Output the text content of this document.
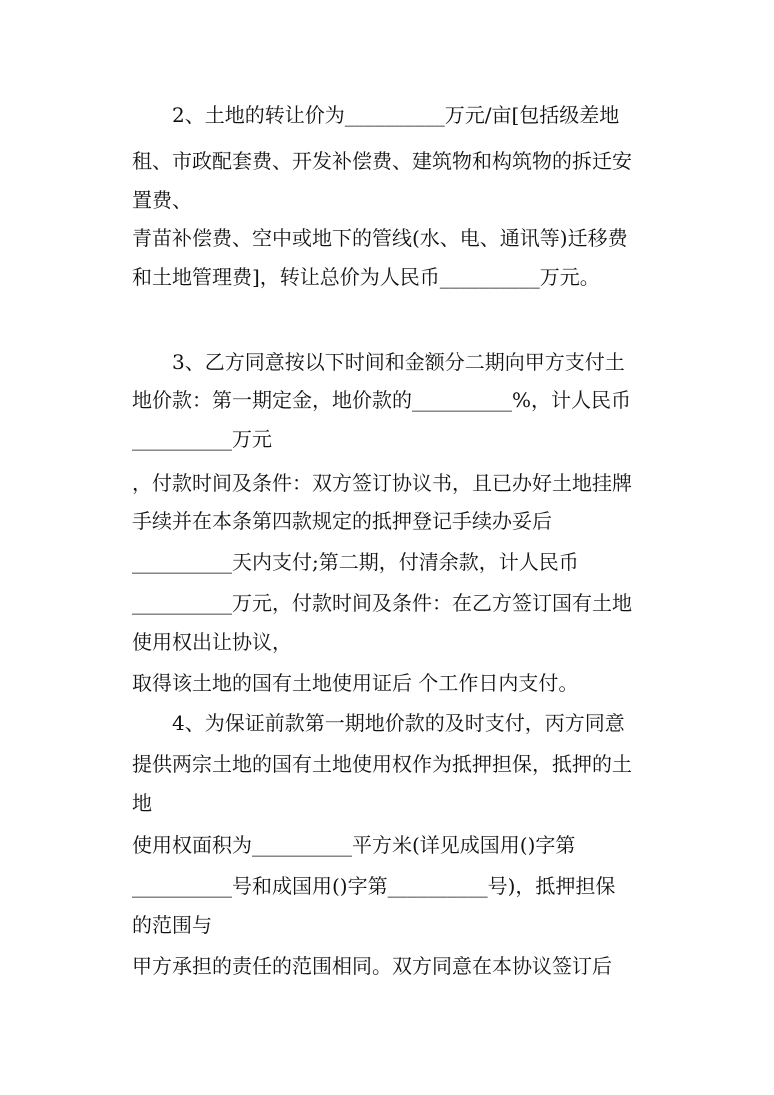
2、土地的转让价为__________万元/亩[包括级差地
租、市政配套费、开发补偿费、建筑物和构筑物的拆迁安
置费、
青苗补偿费、空中或地下的管线(水、电、通讯等)迁移费
和土地管理费]，转让总价为人民币__________万元。
3、乙方同意按以下时间和金额分二期向甲方支付土
地价款：第一期定金，地价款的__________%，计人民币
__________万元
，付款时间及条件：双方签订协议书，且已办好土地挂牌
手续并在本条第四款规定的抵押登记手续办妥后
__________天内支付;第二期，付清余款，计人民币
__________万元，付款时间及条件：在乙方签订国有土地
使用权出让协议，
取得该土地的国有土地使用证后 个工作日内支付。
4、为保证前款第一期地价款的及时支付，丙方同意
提供两宗土地的国有土地使用权作为抵押担保，抵押的土
地
使用权面积为__________平方米(详见成国用()字第
__________号和成国用()字第__________号)，抵押担保
的范围与
甲方承担的责任的范围相同。双方同意在本协议签订后
